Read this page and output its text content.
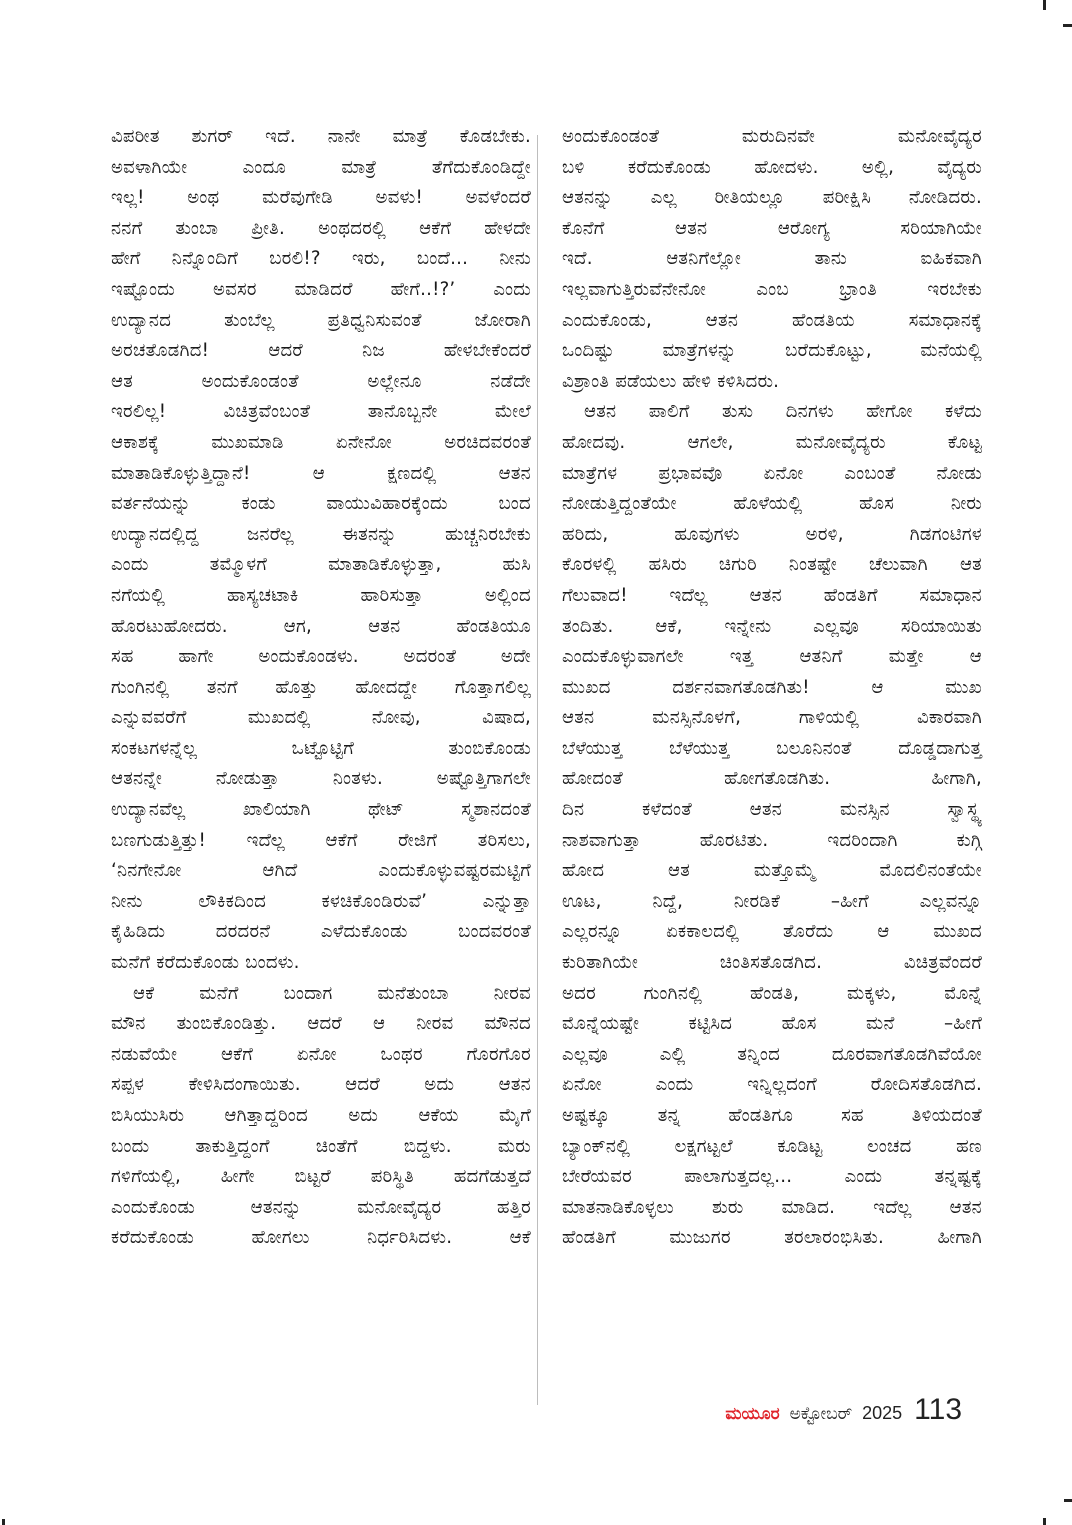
ವಿಪರೀತ ಶುಗರ್ ಇದೆ. ನಾನೇ ಮಾತ್ರೆ ಕೊಡಬೇಕು.
ಅವಳಾಗಿಯೇ ಎಂದೂ ಮಾತ್ರೆ ತೆಗೆದುಕೊಂಡಿದ್ದೇ
ಇಲ್ಲ! ಅಂಥ ಮರೆವುಗೇಡಿ ಅವಳು! ಅವಳೆಂದರೆ
ನನಗೆ ತುಂಬಾ ಪ್ರೀತಿ. ಅಂಥದರಲ್ಲಿ ಆಕೆಗೆ ಹೇಳದೇ
ಹೇಗೆ ನಿನ್ನೊಂದಿಗೆ ಬರಲಿ!? ಇರು, ಬಂದೆ... ನೀನು
ಇಷ್ಟೊಂದು ಅವಸರ ಮಾಡಿದರೆ ಹೇಗೆ..!?’ ಎಂದು
ಉದ್ಯಾನದ ತುಂಬೆಲ್ಲ ಪ್ರತಿಧ್ವನಿಸುವಂತೆ ಜೋರಾಗಿ
ಅರಚತೊಡಗಿದ! ಆದರೆ ನಿಜ ಹೇಳಬೇಕೆಂದರೆ
ಆತ ಅಂದುಕೊಂಡಂತೆ ಅಲ್ಲೇನೂ ನಡೆದೇ
ಇರಲಿಲ್ಲ! ವಿಚಿತ್ರವೆಂಬಂತೆ ತಾನೊಬ್ಬನೇ ಮೇಲೆ
ಆಕಾಶಕ್ಕೆ ಮುಖಮಾಡಿ ಏನೇನೋ ಅರಚಿದವರಂತೆ
ಮಾತಾಡಿಕೊಳ್ಳುತ್ತಿದ್ದಾನೆ! ಆ ಕ್ಷಣದಲ್ಲಿ ಆತನ
ವರ್ತನೆಯನ್ನು ಕಂಡು ವಾಯುವಿಹಾರಕ್ಕೆಂದು ಬಂದ
ಉದ್ಯಾನದಲ್ಲಿದ್ದ ಜನರೆಲ್ಲ ಈತನನ್ನು ಹುಚ್ಚನಿರಬೇಕು
ಎಂದು ತಮ್ಮೊಳಗೆ ಮಾತಾಡಿಕೊಳ್ಳುತ್ತಾ, ಹುಸಿ
ನಗೆಯಲ್ಲಿ ಹಾಸ್ಯಚಟಾಕಿ ಹಾರಿಸುತ್ತಾ ಅಲ್ಲಿಂದ
ಹೊರಟುಹೋದರು. ಆಗ, ಆತನ ಹೆಂಡತಿಯೂ
ಸಹ ಹಾಗೇ ಅಂದುಕೊಂಡಳು. ಅದರಂತೆ ಅದೇ
ಗುಂಗಿನಲ್ಲಿ ತನಗೆ ಹೊತ್ತು ಹೋದದ್ದೇ ಗೊತ್ತಾಗಲಿಲ್ಲ
ಎನ್ನುವವರೆಗೆ ಮುಖದಲ್ಲಿ ನೋವು, ವಿಷಾದ,
ಸಂಕಟಗಳನ್ನೆಲ್ಲ ಒಟ್ಟೊಟ್ಟಿಗೆ ತುಂಬಿಕೊಂಡು
ಆತನನ್ನೇ ನೋಡುತ್ತಾ ನಿಂತಳು. ಅಷ್ಟೊತ್ತಿಗಾಗಲೇ
ಉದ್ಯಾನವೆಲ್ಲ ಖಾಲಿಯಾಗಿ ಥೇಟ್ ಸ್ಮಶಾನದಂತೆ
ಬಣಗುಡುತ್ತಿತ್ತು! ಇದೆಲ್ಲ ಆಕೆಗೆ ರೇಜಿಗೆ ತರಿಸಲು,
‘ನಿನಗೇನೋ ಆಗಿದೆ ಎಂದುಕೊಳ್ಳುವಷ್ಟರಮಟ್ಟಿಗೆ
ನೀನು ಲೌಕಿಕದಿಂದ ಕಳಚಿಕೊಂಡಿರುವೆ’ ಎನ್ನುತ್ತಾ
ಕೈಹಿಡಿದು ದರದರನೆ ಎಳೆದುಕೊಂಡು ಬಂದವರಂತೆ
ಮನೆಗೆ ಕರೆದುಕೊಂಡು ಬಂದಳು.
ಆಕೆ ಮನೆಗೆ ಬಂದಾಗ ಮನೆತುಂಬಾ ನೀರವ
ಮೌನ ತುಂಬಿಕೊಂಡಿತ್ತು. ಆದರೆ ಆ ನೀರವ ಮೌನದ
ನಡುವೆಯೇ ಆಕೆಗೆ ಏನೋ ಒಂಥರ ಗೊರಗೊರ
ಸಪ್ಪಳ ಕೇಳಿಸಿದಂಗಾಯಿತು. ಆದರೆ ಅದು ಆತನ
ಬಿಸಿಯುಸಿರು ಆಗಿತ್ತಾದ್ದರಿಂದ ಅದು ಆಕೆಯ ಮೈಗೆ
ಬಂದು ತಾಕುತ್ತಿದ್ದಂಗೆ ಚಿಂತೆಗೆ ಬಿದ್ದಳು. ಮರು
ಗಳಿಗೆಯಲ್ಲಿ, ಹೀಗೇ ಬಿಟ್ಟರೆ ಪರಿಸ್ಥಿತಿ ಹದಗೆಡುತ್ತದೆ
ಎಂದುಕೊಂಡು ಆತನನ್ನು ಮನೋವೈದ್ಯರ ಹತ್ತಿರ
ಕರೆದುಕೊಂಡು ಹೋಗಲು ನಿರ್ಧರಿಸಿದಳು. ಆಕೆ
ಅಂದುಕೊಂಡಂತೆ ಮರುದಿನವೇ ಮನೋವೈದ್ಯರ
ಬಳಿ ಕರೆದುಕೊಂಡು ಹೋದಳು. ಅಲ್ಲಿ, ವೈದ್ಯರು
ಆತನನ್ನು ಎಲ್ಲ ರೀತಿಯಲ್ಲೂ ಪರೀಕ್ಷಿಸಿ ನೋಡಿದರು.
ಕೊನೆಗೆ ಆತನ ಆರೋಗ್ಯ ಸರಿಯಾಗಿಯೇ
ಇದೆ. ಆತನಿಗೆಲ್ಲೋ ತಾನು ಐಹಿಕವಾಗಿ
ಇಲ್ಲವಾಗುತ್ತಿರುವೆನೇನೋ ಎಂಬ ಭ್ರಾಂತಿ ಇರಬೇಕು
ಎಂದುಕೊಂಡು, ಆತನ ಹೆಂಡತಿಯ ಸಮಾಧಾನಕ್ಕೆ
ಒಂದಿಷ್ಟು ಮಾತ್ರೆಗಳನ್ನು ಬರೆದುಕೊಟ್ಟು, ಮನೆಯಲ್ಲಿ
ವಿಶ್ರಾಂತಿ ಪಡೆಯಲು ಹೇಳಿ ಕಳಿಸಿದರು.
ಆತನ ಪಾಲಿಗೆ ತುಸು ದಿನಗಳು ಹೇಗೋ ಕಳೆದು
ಹೋದವು. ಆಗಲೇ, ಮನೋವೈದ್ಯರು ಕೊಟ್ಟ
ಮಾತ್ರೆಗಳ ಪ್ರಭಾವವೊ ಏನೋ ಎಂಬಂತೆ ನೋಡು
ನೋಡುತ್ತಿದ್ದಂತೆಯೇ ಹೊಳೆಯಲ್ಲಿ ಹೊಸ ನೀರು
ಹರಿದು, ಹೂವುಗಳು ಅರಳಿ, ಗಿಡಗಂಟಿಗಳ
ಕೊರಳಲ್ಲಿ ಹಸಿರು ಚಿಗುರಿ ನಿಂತಷ್ಟೇ ಚೆಲುವಾಗಿ ಆತ
ಗೆಲುವಾದ! ಇದೆಲ್ಲ ಆತನ ಹೆಂಡತಿಗೆ ಸಮಾಧಾನ
ತಂದಿತು. ಆಕೆ, ಇನ್ನೇನು ಎಲ್ಲವೂ ಸರಿಯಾಯಿತು
ಎಂದುಕೊಳ್ಳುವಾಗಲೇ ಇತ್ತ ಆತನಿಗೆ ಮತ್ತೇ ಆ
ಮುಖದ ದರ್ಶನವಾಗತೊಡಗಿತು! ಆ ಮುಖ
ಆತನ ಮನಸ್ಸಿನೊಳಗೆ, ಗಾಳಿಯಲ್ಲಿ ವಿಕಾರವಾಗಿ
ಬೆಳೆಯುತ್ತ ಬೆಳೆಯುತ್ತ ಬಲೂನಿನಂತೆ ದೊಡ್ಡದಾಗುತ್ತ
ಹೋದಂತೆ ಹೋಗತೊಡಗಿತು. ಹೀಗಾಗಿ,
ದಿನ ಕಳೆದಂತೆ ಆತನ ಮನಸ್ಸಿನ ಸ್ವಾಸ್ಥ್ಯ
ನಾಶವಾಗುತ್ತಾ ಹೊರಟಿತು. ಇದರಿಂದಾಗಿ ಕುಗ್ಗಿ
ಹೋದ ಆತ ಮತ್ತೊಮ್ಮೆ ಮೊದಲಿನಂತೆಯೇ
ಊಟ, ನಿದ್ದೆ, ನೀರಡಿಕೆ –ಹೀಗೆ ಎಲ್ಲವನ್ನೂ
ಎಲ್ಲರನ್ನೂ ಏಕಕಾಲದಲ್ಲಿ ತೊರೆದು ಆ ಮುಖದ
ಕುರಿತಾಗಿಯೇ ಚಿಂತಿಸತೊಡಗಿದ. ವಿಚಿತ್ರವೆಂದರೆ
ಅದರ ಗುಂಗಿನಲ್ಲಿ ಹೆಂಡತಿ, ಮಕ್ಕಳು, ಮೊನ್ನೆ
ಮೊನ್ನೆಯಷ್ಟೇ ಕಟ್ಟಿಸಿದ ಹೊಸ ಮನೆ –ಹೀಗೆ
ಎಲ್ಲವೂ ಎಲ್ಲಿ ತನ್ನಿಂದ ದೂರವಾಗತೊಡಗಿವೆಯೋ
ಏನೋ ಎಂದು ಇನ್ನಿಲ್ಲದಂಗೆ ರೋದಿಸತೊಡಗಿದ.
ಅಷ್ಟಕ್ಕೂ ತನ್ನ ಹೆಂಡತಿಗೂ ಸಹ ತಿಳಿಯದಂತೆ
ಬ್ಯಾಂಕ್‌ನಲ್ಲಿ ಲಕ್ಷಗಟ್ಟಲೆ ಕೂಡಿಟ್ಟ ಲಂಚದ ಹಣ
ಬೇರೆಯವರ ಪಾಲಾಗುತ್ತದಲ್ಲ... ಎಂದು ತನ್ನಷ್ಟಕ್ಕೆ
ಮಾತನಾಡಿಕೊಳ್ಳಲು ಶುರು ಮಾಡಿದ. ಇದೆಲ್ಲ ಆತನ
ಹೆಂಡತಿಗೆ ಮುಜುಗರ ತರಲಾರಂಭಿಸಿತು. ಹೀಗಾಗಿ
ಮಯೂರ ಅಕ್ಟೋಬರ್ 2025 113
